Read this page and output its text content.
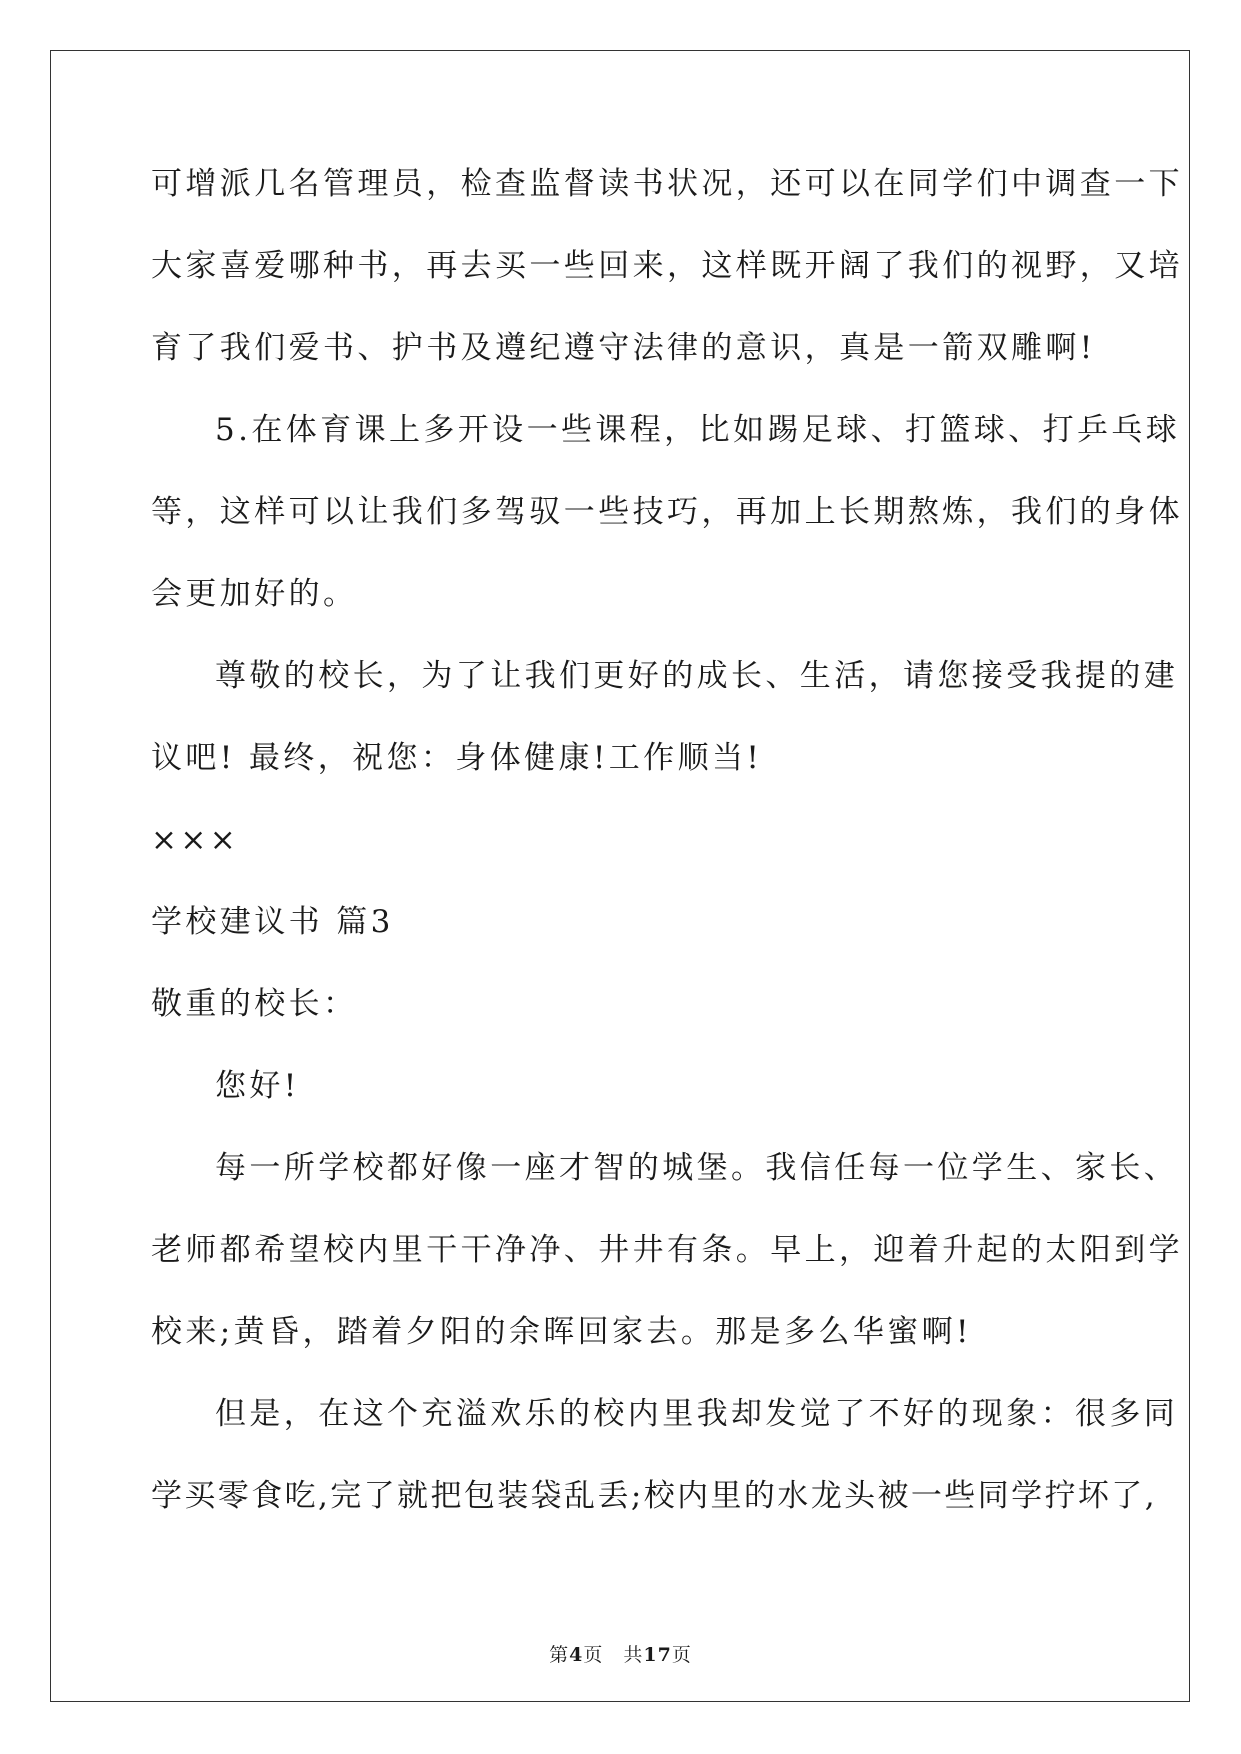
可增派几名管理员，检查监督读书状况，还可以在同学们中调查一下
大家喜爱哪种书，再去买一些回来，这样既开阔了我们的视野，又培
育了我们爱书、护书及遵纪遵守法律的意识，真是一箭双雕啊!
5.在体育课上多开设一些课程，比如踢足球、打篮球、打乒乓球
等，这样可以让我们多驾驭一些技巧，再加上长期熬炼，我们的身体
会更加好的。
尊敬的校长，为了让我们更好的成长、生活，请您接受我提的建
议吧! 最终，祝您：身体健康!工作顺当!
×××
学校建议书 篇3
敬重的校长：
您好!
每一所学校都好像一座才智的城堡。我信任每一位学生、家长、
老师都希望校内里干干净净、井井有条。早上，迎着升起的太阳到学
校来;黄昏，踏着夕阳的余晖回家去。那是多么华蜜啊!
但是，在这个充溢欢乐的校内里我却发觉了不好的现象：很多同
学买零食吃,完了就把包装袋乱丢;校内里的水龙头被一些同学拧坏了,
第4页　共17页
